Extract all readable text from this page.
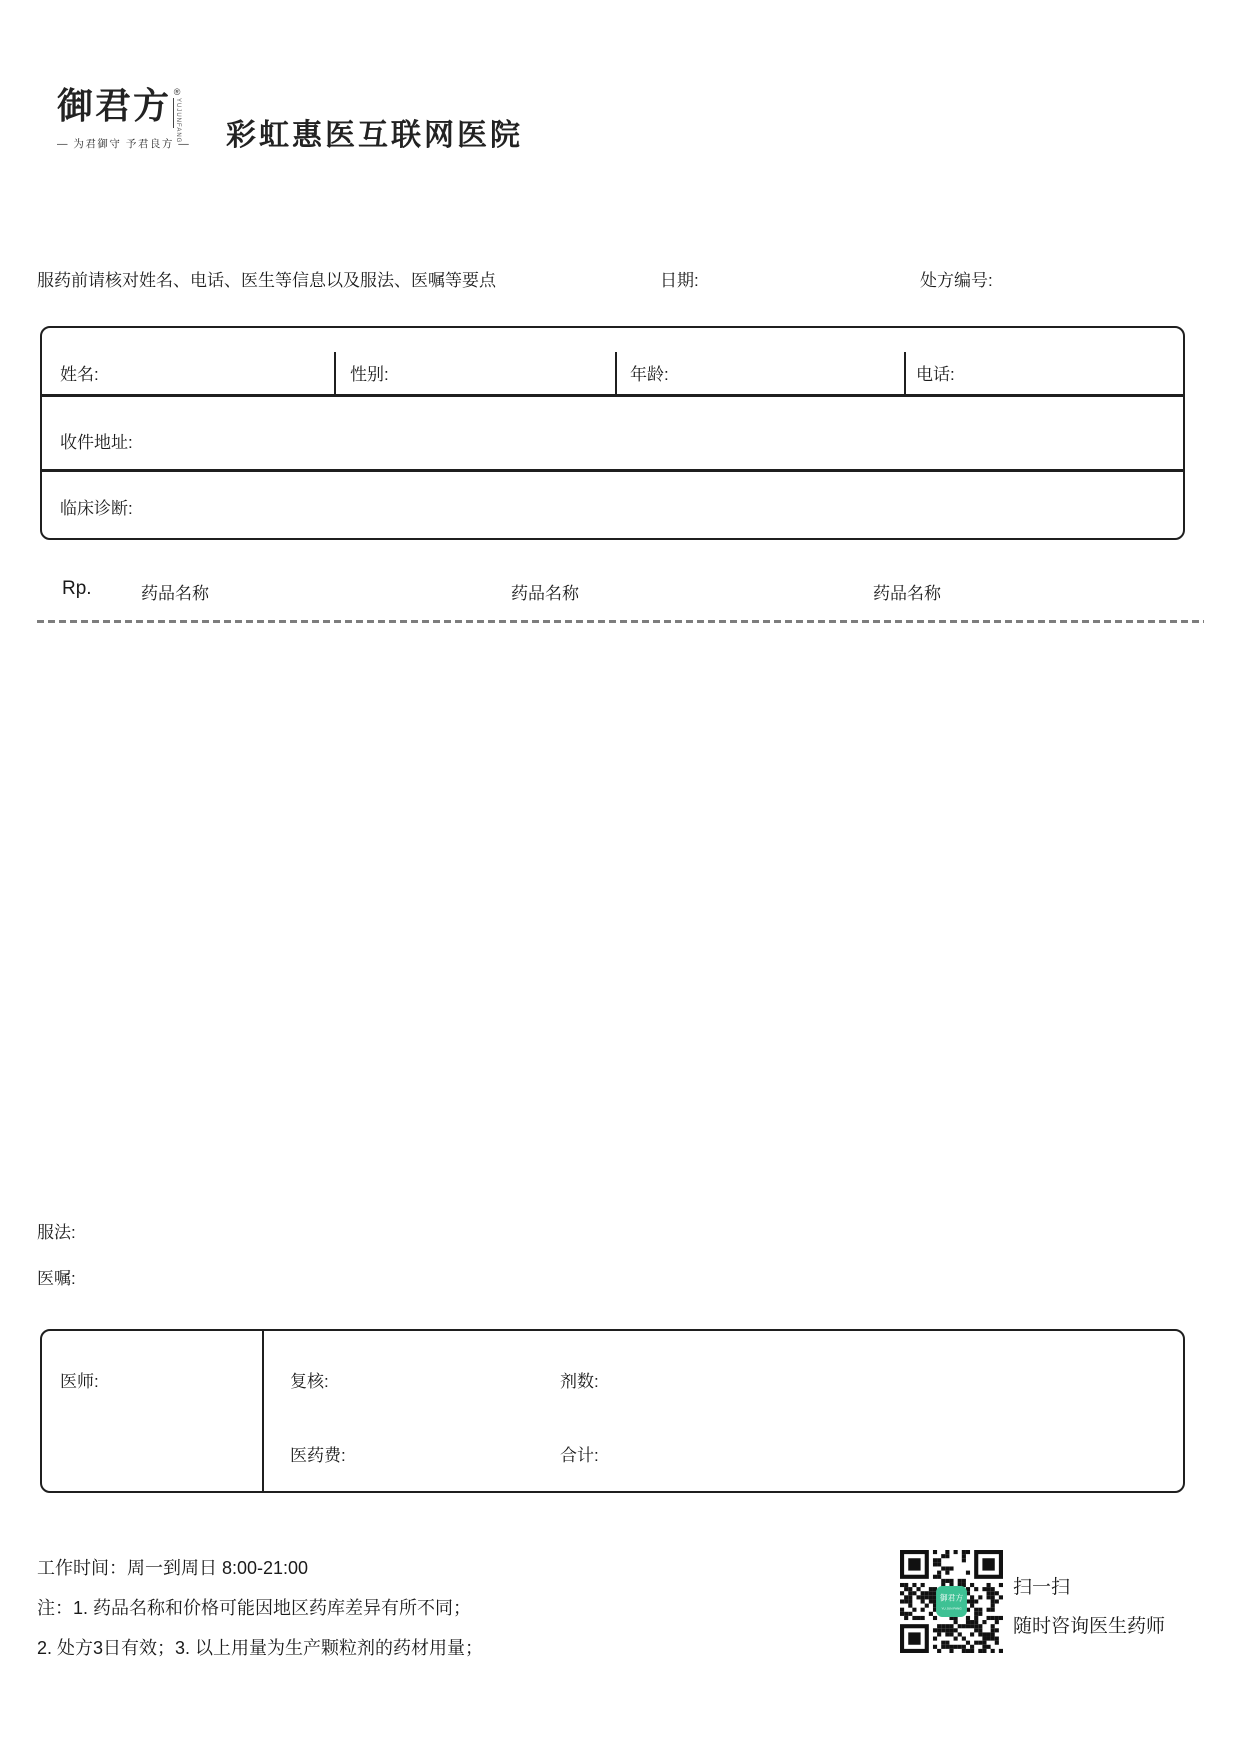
御君方 ®
YUJUNFANG
— 为君御守 予君良方 —	彩虹惠医互联网医院
服药前请核对姓名、电话、医生等信息以及服法、医嘱等要点	日期:	处方编号:
姓名:	性别:	年龄:	电话:
收件地址:
临床诊断:
Rp.	药品名称	药品名称	药品名称
服法:
医嘱:
医师:	复核:	剂数:
医药费:	合计:
工作时间：周一到周日 8:00-21:00
注：1. 药品名称和价格可能因地区药库差异有所不同；
2. 处方3日有效；3. 以上用量为生产颗粒剂的药材用量；
御君方
YU JUN FANG
扫一扫
随时咨询医生药师
